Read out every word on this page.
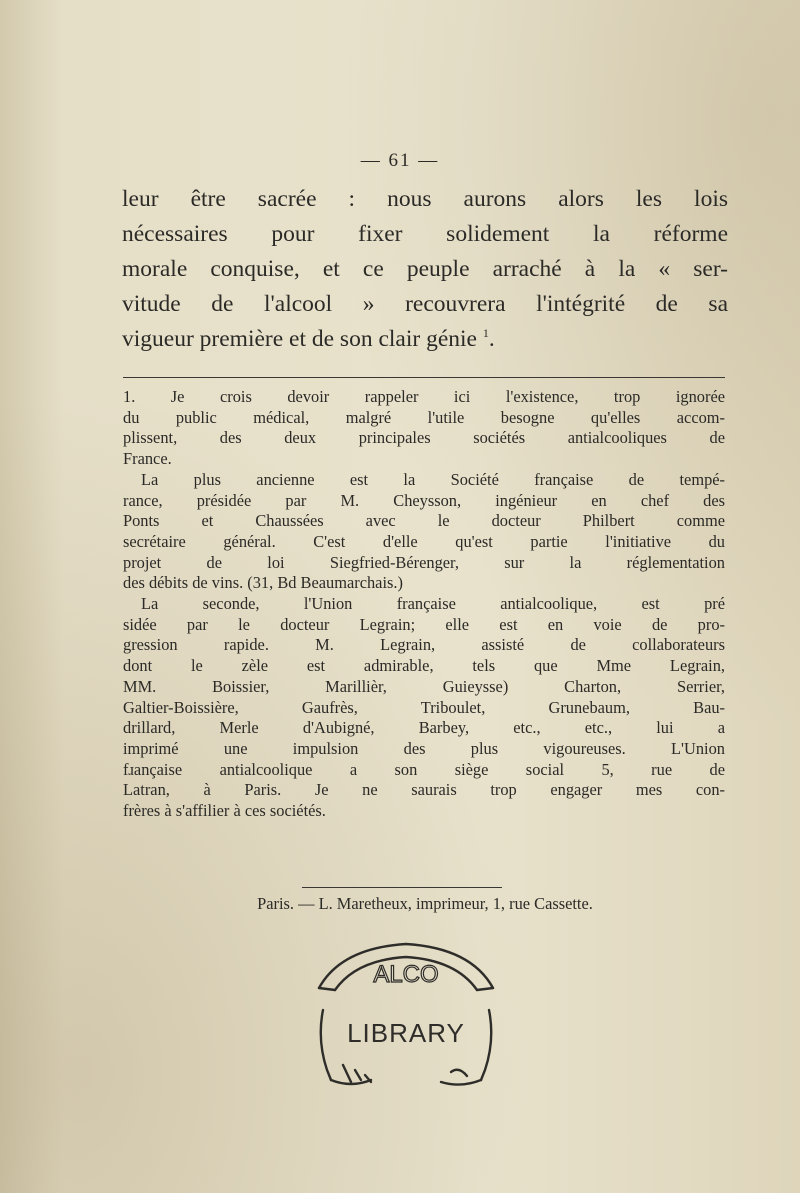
— 61 —
leur être sacrée : nous aurons alors les lois
nécessaires pour fixer solidement la réforme
morale conquise, et ce peuple arraché à la « ser-
vitude de l'alcool » recouvrera l'intégrité de sa
vigueur première et de son clair génie $^1$.
1. Je crois devoir rappeler ici l'existence, trop ignorée
du public médical, malgré l'utile besogne qu'elles accom-
plissent, des deux principales sociétés antialcooliques de
France.
La plus ancienne est la Société française de tempé-
rance, présidée par M. Cheysson, ingénieur en chef des
Ponts et Chaussées avec le docteur Philbert comme
secrétaire général. C'est d'elle qu'est partie l'initiative du
projet de loi Siegfried-Bérenger, sur la réglementation
des débits de vins. (31, Bd Beaumarchais.)
La seconde, l'Union française antialcoolique, est pré
sidée par le docteur Legrain; elle est en voie de pro-
gression rapide. M. Legrain, assisté de collaborateurs
dont le zèle est admirable, tels que Mme Legrain,
MM. Boissier, Marillièr, Guieysse) Charton, Serrier,
Galtier-Boissière, Gaufrès, Triboulet, Grunebaum, Bau-
drillard, Merle d'Aubigné, Barbey, etc., etc., lui a
imprimé une impulsion des plus vigoureuses. L'Union
fɹançaise antialcoolique a son siège social 5, rue de
Latran, à Paris. Je ne saurais trop engager mes con-
frères à s'affilier à ces sociétés.
Paris. — L. Maretheux, imprimeur, 1, rue Cassette.
ALCO
LIBRARY
